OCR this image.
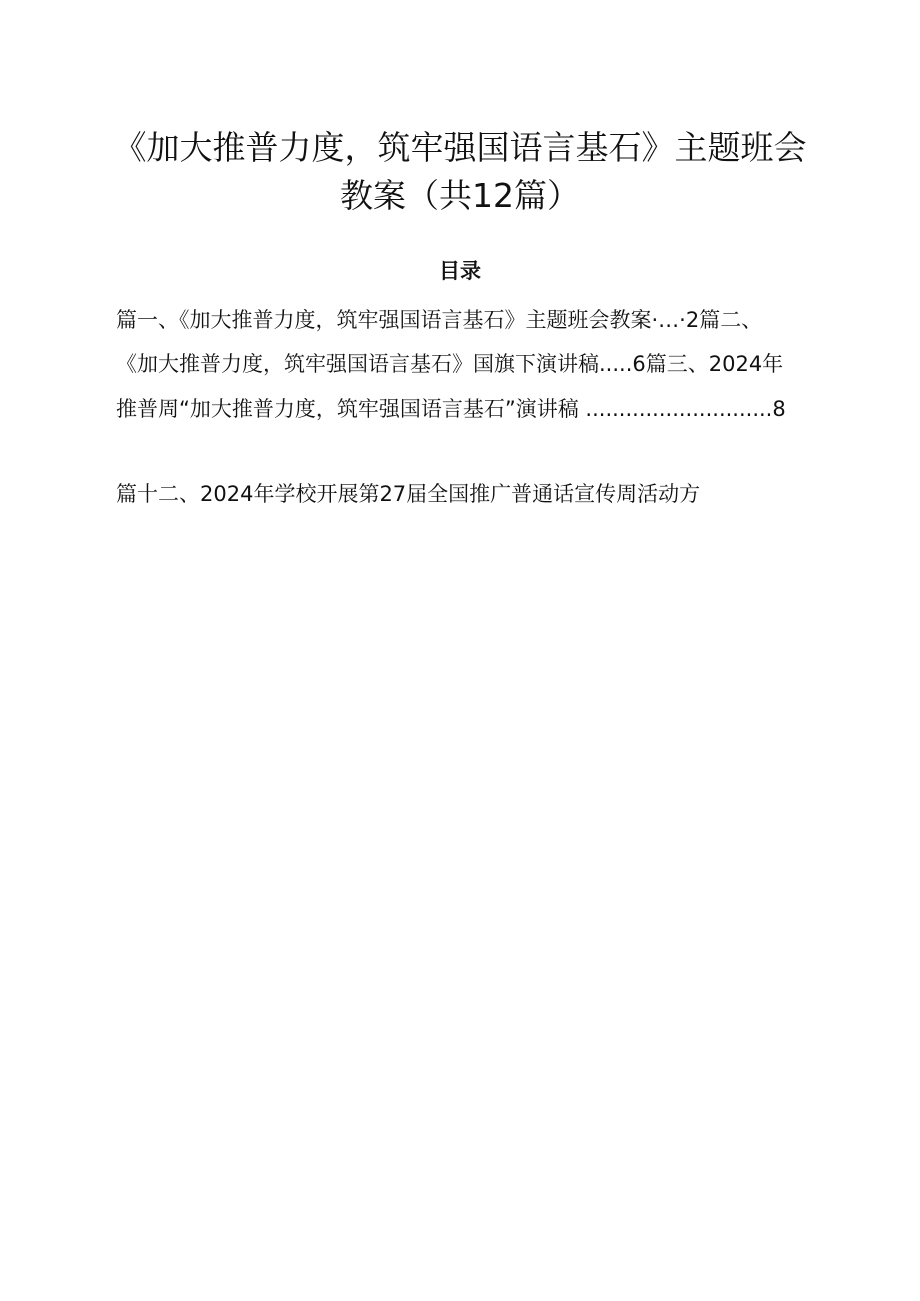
《加大推普力度，筑牢强国语言基石》主题班会
教案（共12篇）
目录
篇一、《加大推普力度，筑牢强国语言基石》主题班会教案·…·2篇二、
《加大推普力度，筑牢强国语言基石》国旗下演讲稿.....6篇三、2024年
推普周“加大推普力度，筑牢强国语言基石”演讲稿 ............................8
篇十二、2024年学校开展第27届全国推广普通话宣传周活动方
